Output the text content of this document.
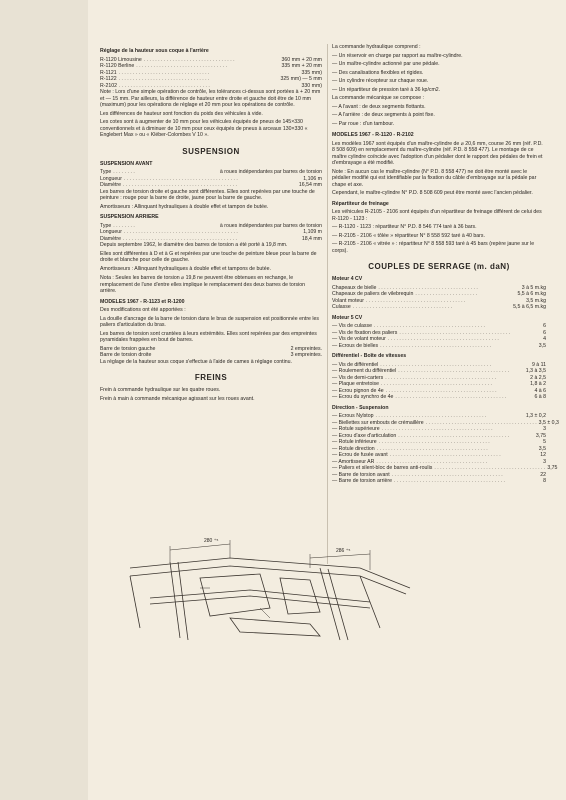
Réglage de la hauteur sous coque à l'arrière
R-1120 Limousine . . . . . . . . . . . . . . . . . . . . . . . . . . . . . . . .	360 mm + 20 mm
R-1120 Berline . . . . . . . . . . . . . . . . . . . . . . . . . . . . . . . .	335 mm + 20 mm
R-1121 . . . . . . . . . . . . . . . . . . . . . . . . . . . . . . . .	335 mm)
R-1122 . . . . . . . . . . . . . . . . . . . . . . . . . . . . . . . .	325 mm) — 5 mm
R-2102 . . . . . . . . . . . . . . . . . . . . . . . . . . . . . . . .	330 mm)
Note : Lors d'une simple opération de contrôle, les tolérances ci-dessus sont portées à + 20 mm et — 15 mm. Par ailleurs, la différence de hauteur entre droite et gauche doit être de 10 mm (maximum) pour les opérations de réglage et 20 mm pour les opérations de contrôle.
Les différences de hauteur sont fonction du poids des véhicules à vide.
Les cotes sont à augmenter de 10 mm pour les véhicules équipés de pneus de 145×330 conventionnels et à diminuer de 10 mm pour ceux équipés de pneus à arceaux 130×330 « Englebert Max » ou « Kléber-Colombes V 10 ».
SUSPENSION
SUSPENSION AVANT
Type . . . . . . . .	à roues indépendantes par barres de torsion
Longueur . . . . . . . . . . . . . . . . . . . . . . . . . . . . . . . . . . . . . . . .	1,106 m
Diamètre . . . . . . . . . . . . . . . . . . . . . . . . . . . . . . . . . . . . . . . .	16,54 mm
Les barres de torsion droite et gauche sont différentes. Elles sont repérées par une touche de peinture : rouge pour la barre de droite, jaune pour la barre de gauche.
Amortisseurs : Allinquant hydrauliques à double effet et tampon de butée.
SUSPENSION ARRIERE
Type . . . . . . . .	à roues indépendantes par barres de torsion
Longueur . . . . . . . . . . . . . . . . . . . . . . . . . . . . . . . . . . . . . . . .	1,109 m
Diamètre . . . . . . . . . . . . . . . . . . . . . . . . . . . . . . . . . . . . . . . .	18,4 mm
Depuis septembre 1962, le diamètre des barres de torsion a été porté à 19,8 mm.
Elles sont différentes à D et à G et repérées par une touche de peinture bleue pour la barre de droite et blanche pour celle de gauche.
Amortisseurs : Allinquant hydrauliques à double effet et tampons de butée.
Nota : Seules les barres de torsion ⌀ 19,8 ne peuvent être obtenues en rechange, le remplacement de l'une d'entre elles implique le remplacement des deux barres de torsion arrière.
MODELES 1967 - R-1123 et R-1200
Des modifications ont été apportées :
La douille d'ancrage de la barre de torsion dans le bras de suspension est positionnée entre les paliers d'articulation du bras.
Les barres de torsion sont crantées à leurs extrémités. Elles sont repérées par des empreintes pyramidales frappées en bout de barres.
Barre de torsion gauche	2 empreintes.
Barre de torsion droite	3 empreintes.
La réglage de la hauteur sous coque s'effectue à l'aide de cames à réglage continu.
FREINS
Frein à commande hydraulique sur les quatre roues.
Frein à main à commande mécanique agissant sur les roues avant.
La commande hydraulique comprend :
— Un réservoir en charge par rapport au maître-cylindre.
— Un maître-cylindre actionné par une pédale.
— Des canalisations flexibles et rigides.
— Un cylindre récepteur sur chaque roue.
— Un répartiteur de pression taré à 36 kp/cm2.
La commande mécanique se compose :
— A l'avant : de deux segments flottants.
— A l'arrière : de deux segments à point fixe.
— Par roue : d'un tambour.
MODELES 1967 - R-1120 - R-2102
Les modèles 1967 sont équipés d'un maître-cylindre de ⌀ 20,6 mm, course 26 mm (réf. P.D. 8 508 609) en remplacement du maître-cylindre (réf. P.D. 8 558 477). Le montage de ce maître cylindre coïncide avec l'adoption d'un pédalier dont le rapport des pédales de frein et d'embrayage a été modifié.
Note : En aucun cas le maître-cylindre (N° P.D. 8 558 477) ne doit être monté avec le pédalier modifié qui est identifiable par la fixation du câble d'embrayage sur la pédale par chape et axe.
Cependant, le maître-cylindre N° P.D. 8 508 609 peut être monté avec l'ancien pédalier.
Répartiteur de freinage
Les véhicules R-2105 - 2106 sont équipés d'un répartiteur de freinage différent de celui des R-1120 - 1123 :
— R-1120 - 1123 : répartiteur N° P.D. 8 546 774 taré à 36 bars.
— R-2105 - 2106 « tôlée » répartiteur N° 8 558 592 taré à 40 bars.
— R-2105 - 2106 « vitrée » : répartiteur N° 8 558 593 taré à 45 bars (repère jaune sur le corps).
COUPLES DE SERRAGE (m. daN)
Moteur 4 CV
Chapeaux de bielle . . . . . . . . . . . . . . . . . . . . . . . . . . . . . . . . . . .	3 à 5 m.kg
Chapeaux de paliers de vilebrequin . . . . . . . . . . . . . . . . . . . . . .	5,5 à 6 m.kg
Volant moteur . . . . . . . . . . . . . . . . . . . . . . . . . . . . . . . . . . .	3,5 m.kg
Culasse . . . . . . . . . . . . . . . . . . . . . . . . . . . . . . . . . . .	5,5 à 6,5 m.kg
Moteur 5 CV
— Vis de culasse . . . . . . . . . . . . . . . . . . . . . . . . . . . . . . . . . . . . . . .	6
— Vis de fixation des paliers . . . . . . . . . . . . . . . . . . . . . . . . . . . . . . . . . . . . . . .	6
— Vis de volant moteur . . . . . . . . . . . . . . . . . . . . . . . . . . . . . . . . . . . . . . .	4
— Ecrous de bielles . . . . . . . . . . . . . . . . . . . . . . . . . . . . . . . . . . . . . . .	3,5
Différentiel - Boîte de vitesses
— Vis de différentiel . . . . . . . . . . . . . . . . . . . . . . . . . . . . . . . . . . . . . . .	9 à 11
— Roulement du différentiel . . . . . . . . . . . . . . . . . . . . . . . . . . . . . . . . . . . . . . .	1,3 à 3,5
— Vis de demi-carters . . . . . . . . . . . . . . . . . . . . . . . . . . . . . . . . . . . . . . .	2 à 2,5
— Plaque entretoise . . . . . . . . . . . . . . . . . . . . . . . . . . . . . . . . . . . . . . .	1,8 à 2
— Ecrou pignon de 4e . . . . . . . . . . . . . . . . . . . . . . . . . . . . . . . . . . . . . . .	4 à 6
— Ecrou du synchro de 4e . . . . . . . . . . . . . . . . . . . . . . . . . . . . . . . . . . . . . . .	6 à 8
Direction - Suspension
— Ecrous Nylstop . . . . . . . . . . . . . . . . . . . . . . . . . . . . . . . . . . . . . . .	1,3 ± 0,2
— Biellettes sur embouts de crémaillère . . . . . . . . . . . . . . . . . . . . . . . . . . . . . . . . . . . . . . . 3,5 ± 0,3
— Rotule supérieure . . . . . . . . . . . . . . . . . . . . . . . . . . . . . . . . . . . . . . .	3
— Ecrou d'axe d'articulation . . . . . . . . . . . . . . . . . . . . . . . . . . . . . . . . . . . . . . .	3,75
— Rotule inférieure . . . . . . . . . . . . . . . . . . . . . . . . . . . . . . . . . . . . . . .	5
— Rotule direction . . . . . . . . . . . . . . . . . . . . . . . . . . . . . . . . . . . . . . .	3,5
— Ecrou de fusée avant . . . . . . . . . . . . . . . . . . . . . . . . . . . . . . . . . . . . . . .	12
— Amortisseur AR . . . . . . . . . . . . . . . . . . . . . . . . . . . . . . . . . . . . . . .	3
— Paliers et silent-bloc de barres anti-roulis . . . . . . . . . . . . . . . . . . . . . . . . . . . . . . . . . . . . . . . 3,75
— Barre de torsion avant . . . . . . . . . . . . . . . . . . . . . . . . . . . . . . . . . . . . . . .	22
— Barre de torsion arrière . . . . . . . . . . . . . . . . . . . . . . . . . . . . . . . . . . . . . . .	8
280 ⁺⁵
286 ⁺⁵
